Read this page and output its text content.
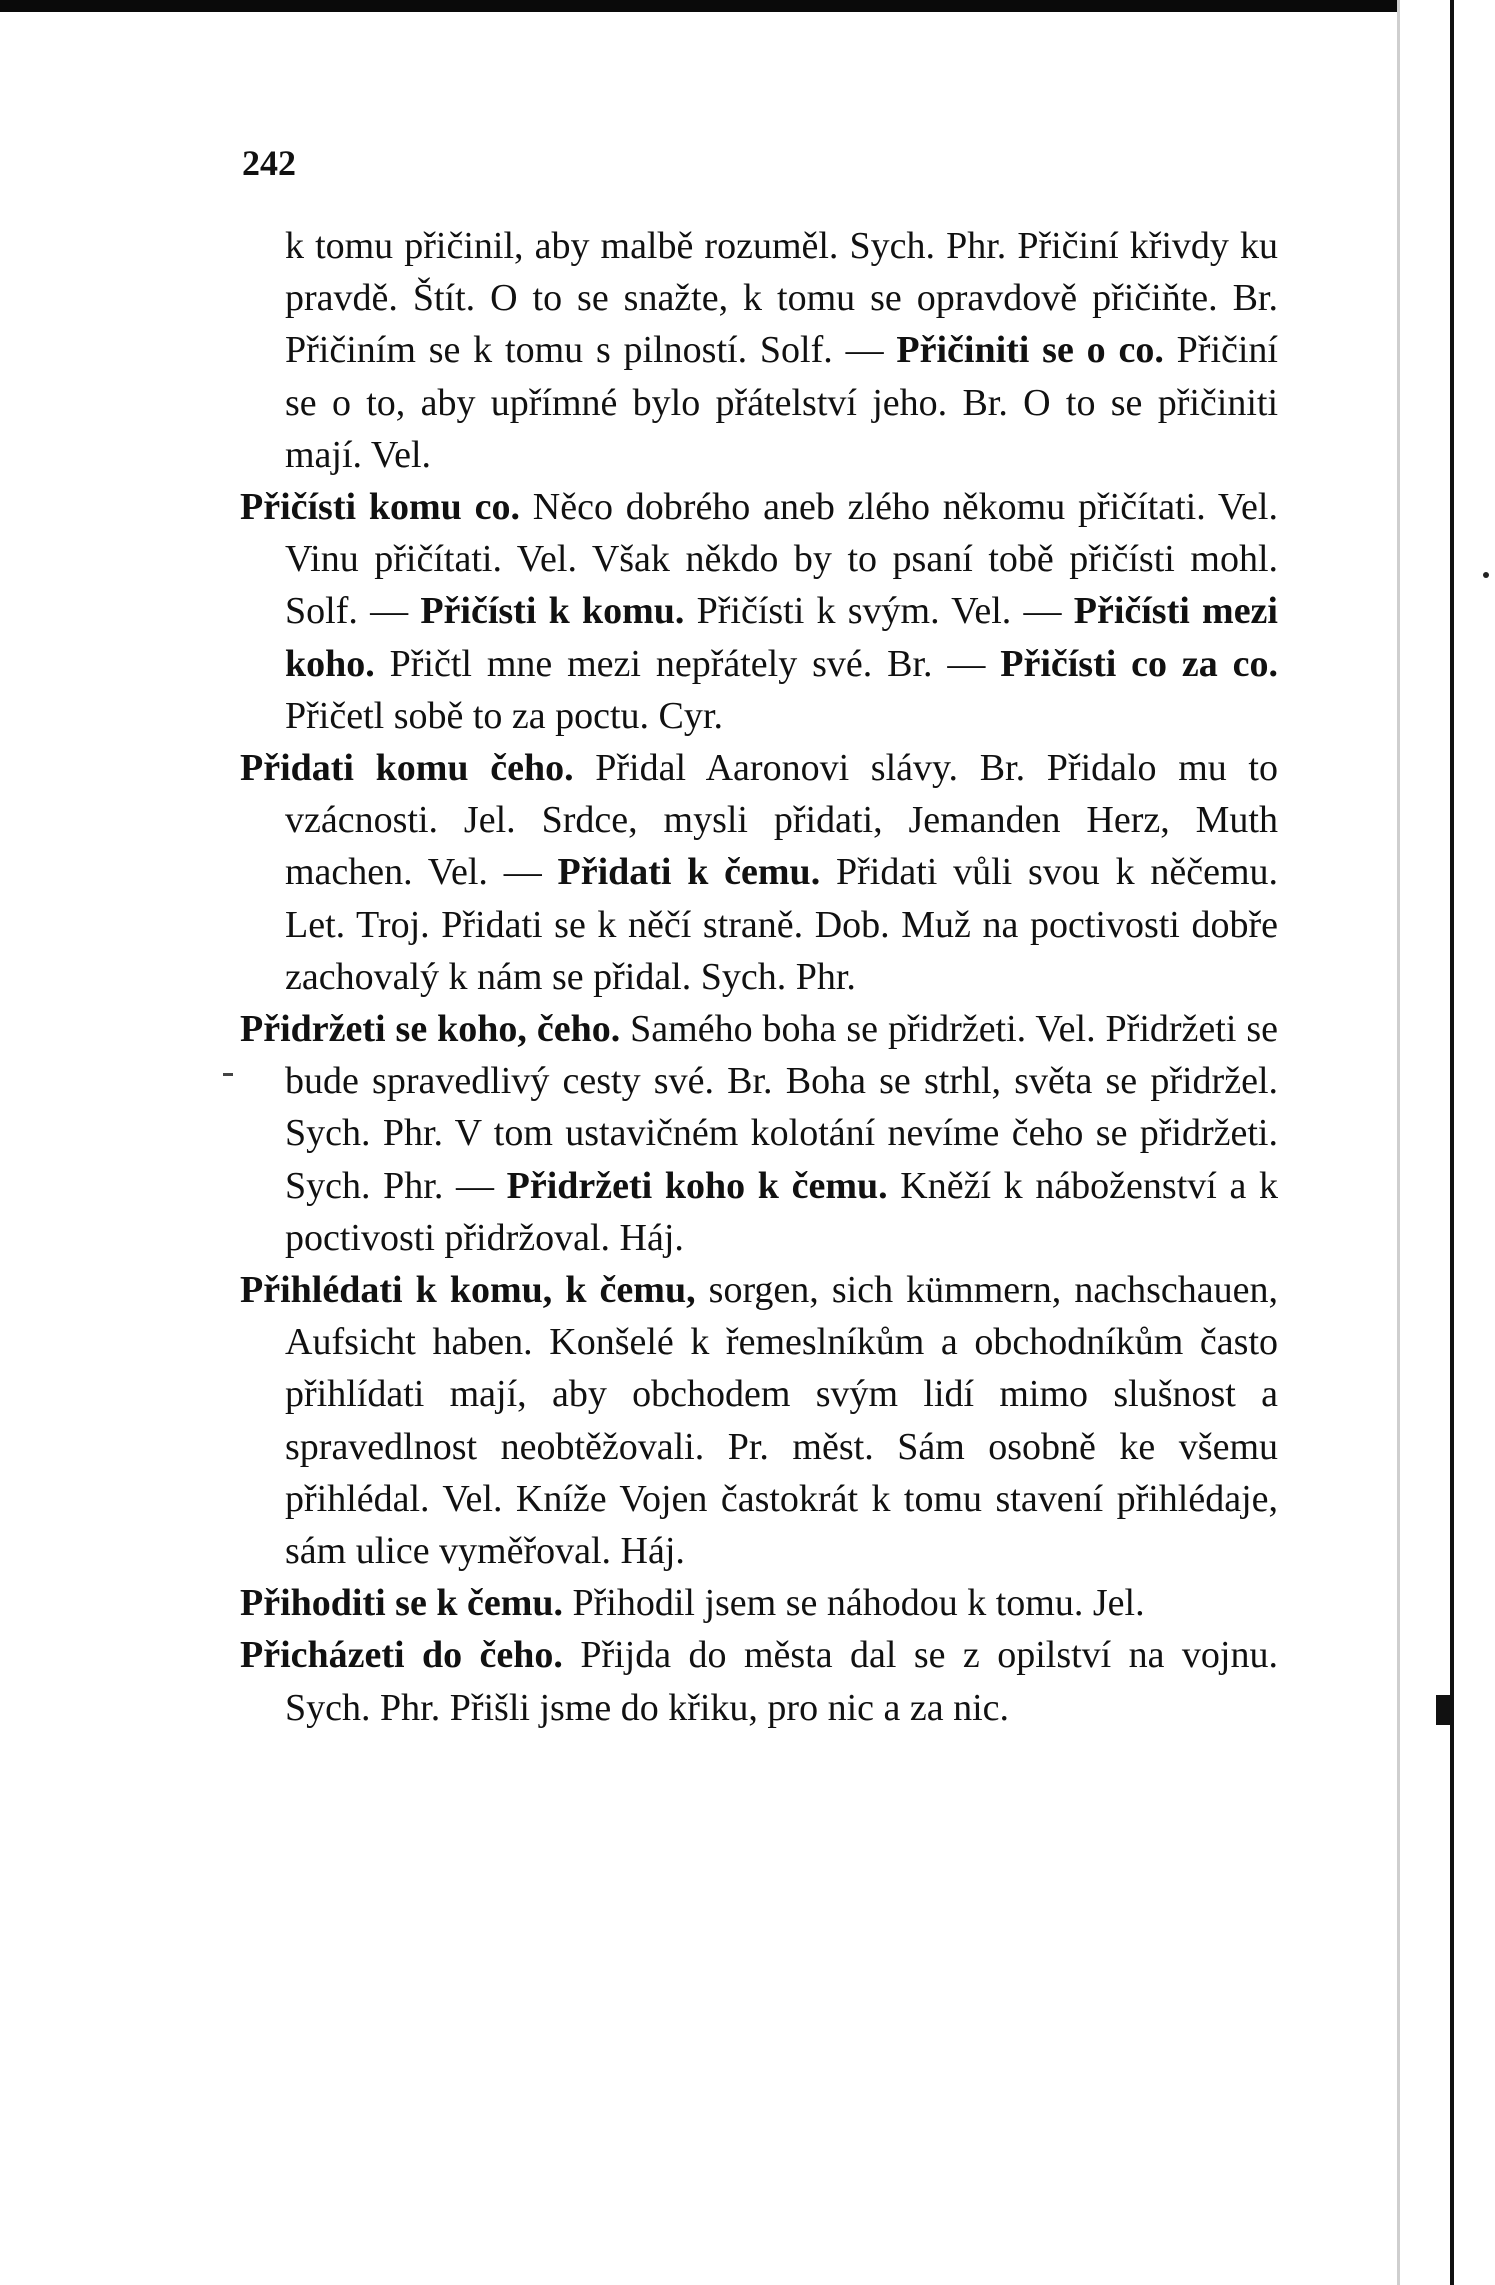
242

k tomu přičinil, aby malbě rozuměl. Sych. Phr. Přičiní křivdy ku pravdě. Štít. O to se snažte, k tomu se opravdově přičiňte. Br. Přičiním se k tomu s pilností. Solf. — Přičiniti se o co. Přičiní se o to, aby upřímné bylo přátelství jeho. Br. O to se přičiniti mají. Vel.

Přičísti komu co. Něco dobrého aneb zlého někomu přičítati. Vel. Vinu přičítati. Vel. Však někdo by to psaní tobě přičísti mohl. Solf. — Přičísti k komu. Přičísti k svým. Vel. — Přičísti mezi koho. Přičtl mne mezi nepřátely své. Br. — Přičísti co za co. Přičetl sobě to za poctu. Cyr.

Přidati komu čeho. Přidal Aaronovi slávy. Br. Přidalo mu to vzácnosti. Jel. Srdce, mysli přidati, Jemanden Herz, Muth machen. Vel. — Přidati k čemu. Přidati vůli svou k něčemu. Let. Troj. Přidati se k něčí straně. Dob. Muž na poctivosti dobře zachovalý k nám se přidal. Sych. Phr.

Přidržeti se koho, čeho. Samého boha se přidržeti. Vel. Přidržeti se bude spravedlivý cesty své. Br. Boha se strhl, světa se přidržel. Sych. Phr. V tom ustavičném kolotání nevíme čeho se přidržeti. Sych. Phr. — Přidržeti koho k čemu. Kněží k náboženství a k poctivosti přidržoval. Háj.

Přihlédati k komu, k čemu, sorgen, sich kümmern, nachschauen, Aufsicht haben. Konšelé k řemeslníkům a obchodníkům často přihlídati mají, aby obchodem svým lidí mimo slušnost a spravedlnost neobtěžovali. Pr. měst. Sám osobně ke všemu přihlédal. Vel. Kníže Vojen častokrát k tomu stavení přihlédaje, sám ulice vyměřoval. Háj.

Přihoditi se k čemu. Přihodil jsem se náhodou k tomu. Jel.

Přicházeti do čeho. Přijda do města dal se z opilství na vojnu. Sych. Phr. Přišli jsme do křiku, pro nic a za nic.
